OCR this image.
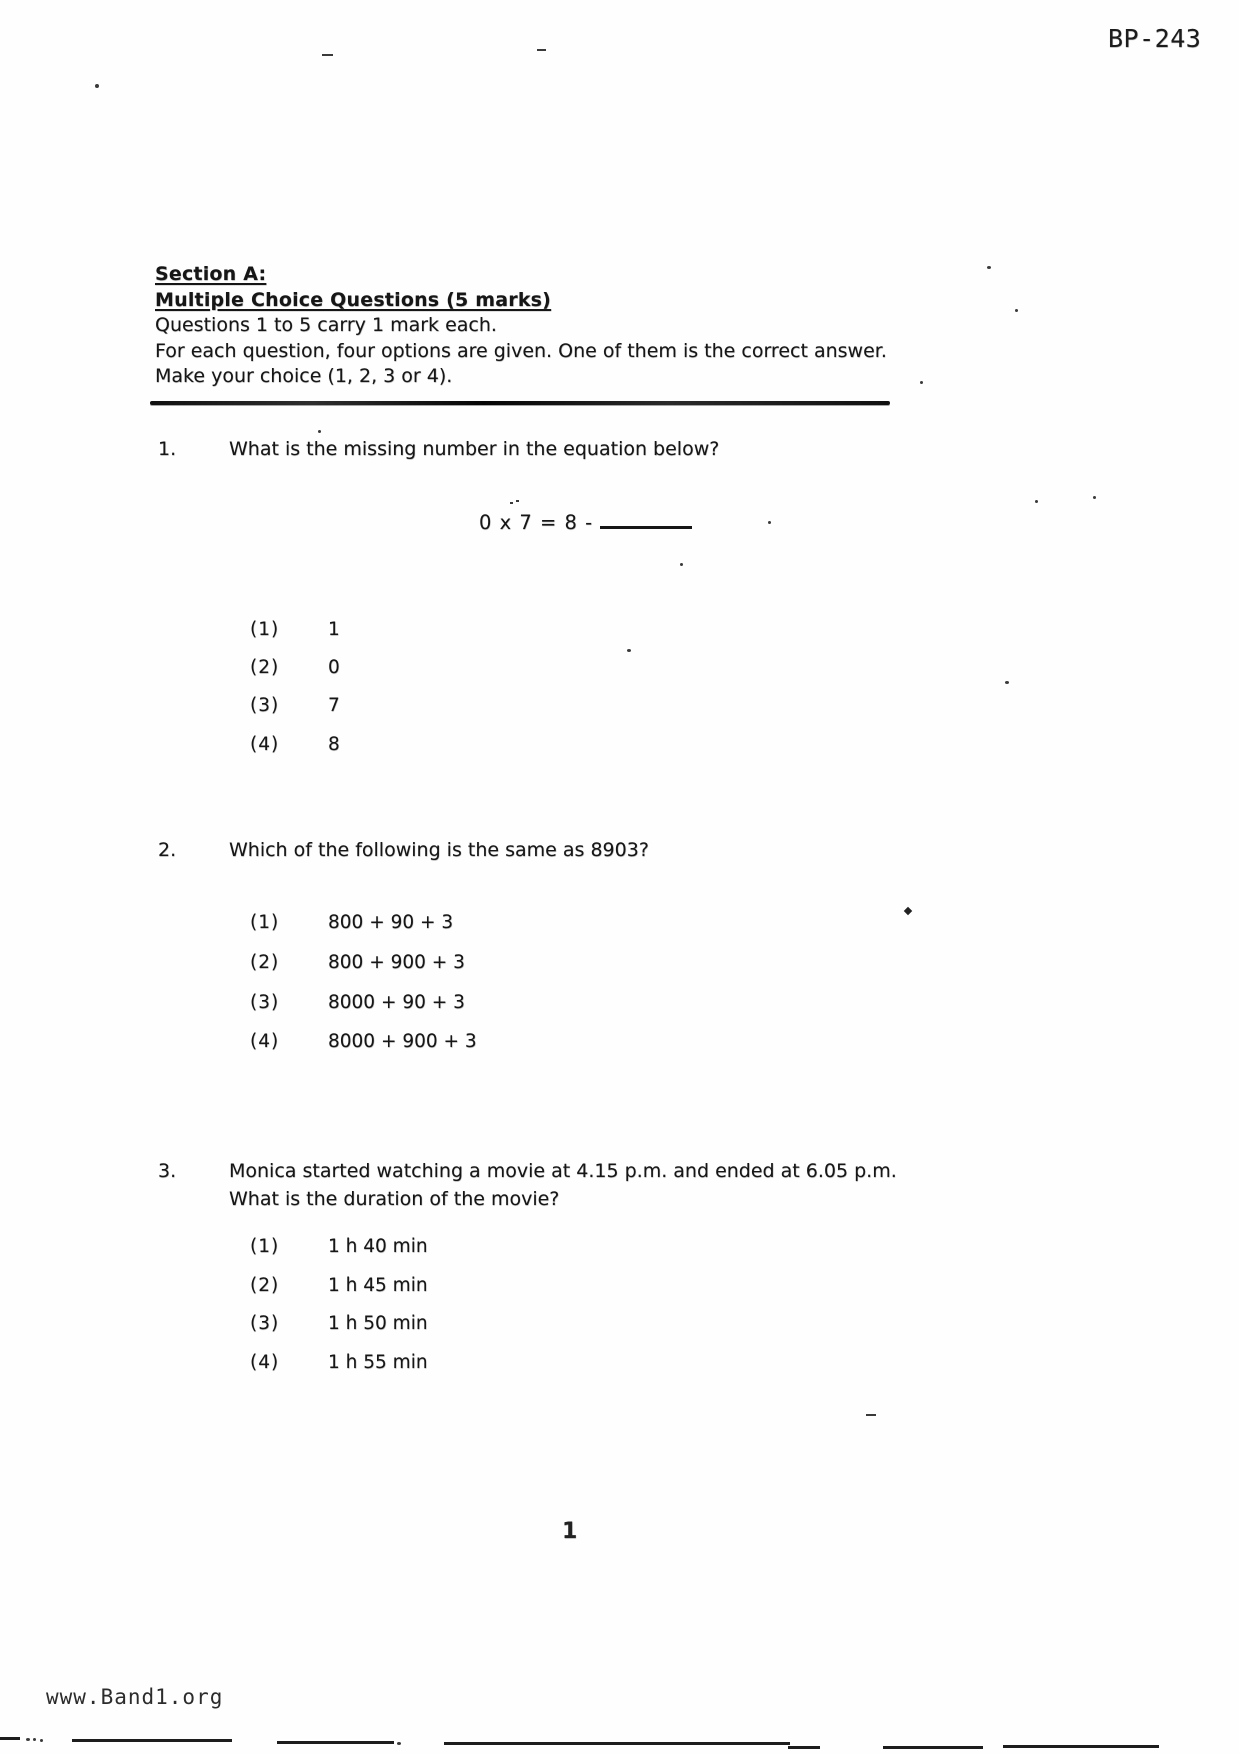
BP-243
Section A:
Multiple Choice Questions (5 marks)
Questions 1 to 5 carry 1 mark each.
For each question, four options are given. One of them is the correct answer.
Make your choice (1, 2, 3 or 4).
1.	What is the missing number in the equation below?
0 x 7 = 8 -
(1)	1
(2)	0
(3)	7
(4)	8
2.	Which of the following is the same as 8903?
(1)	800 + 90 + 3
(2)	800 + 900 + 3
(3)	8000 + 90 + 3
(4)	8000 + 900 + 3
3.	Monica started watching a movie at 4.15 p.m. and ended at 6.05 p.m.
What is the duration of the movie?
(1)	1 h 40 min
(2)	1 h 45 min
(3)	1 h 50 min
(4)	1 h 55 min
1
www.Band1.org
